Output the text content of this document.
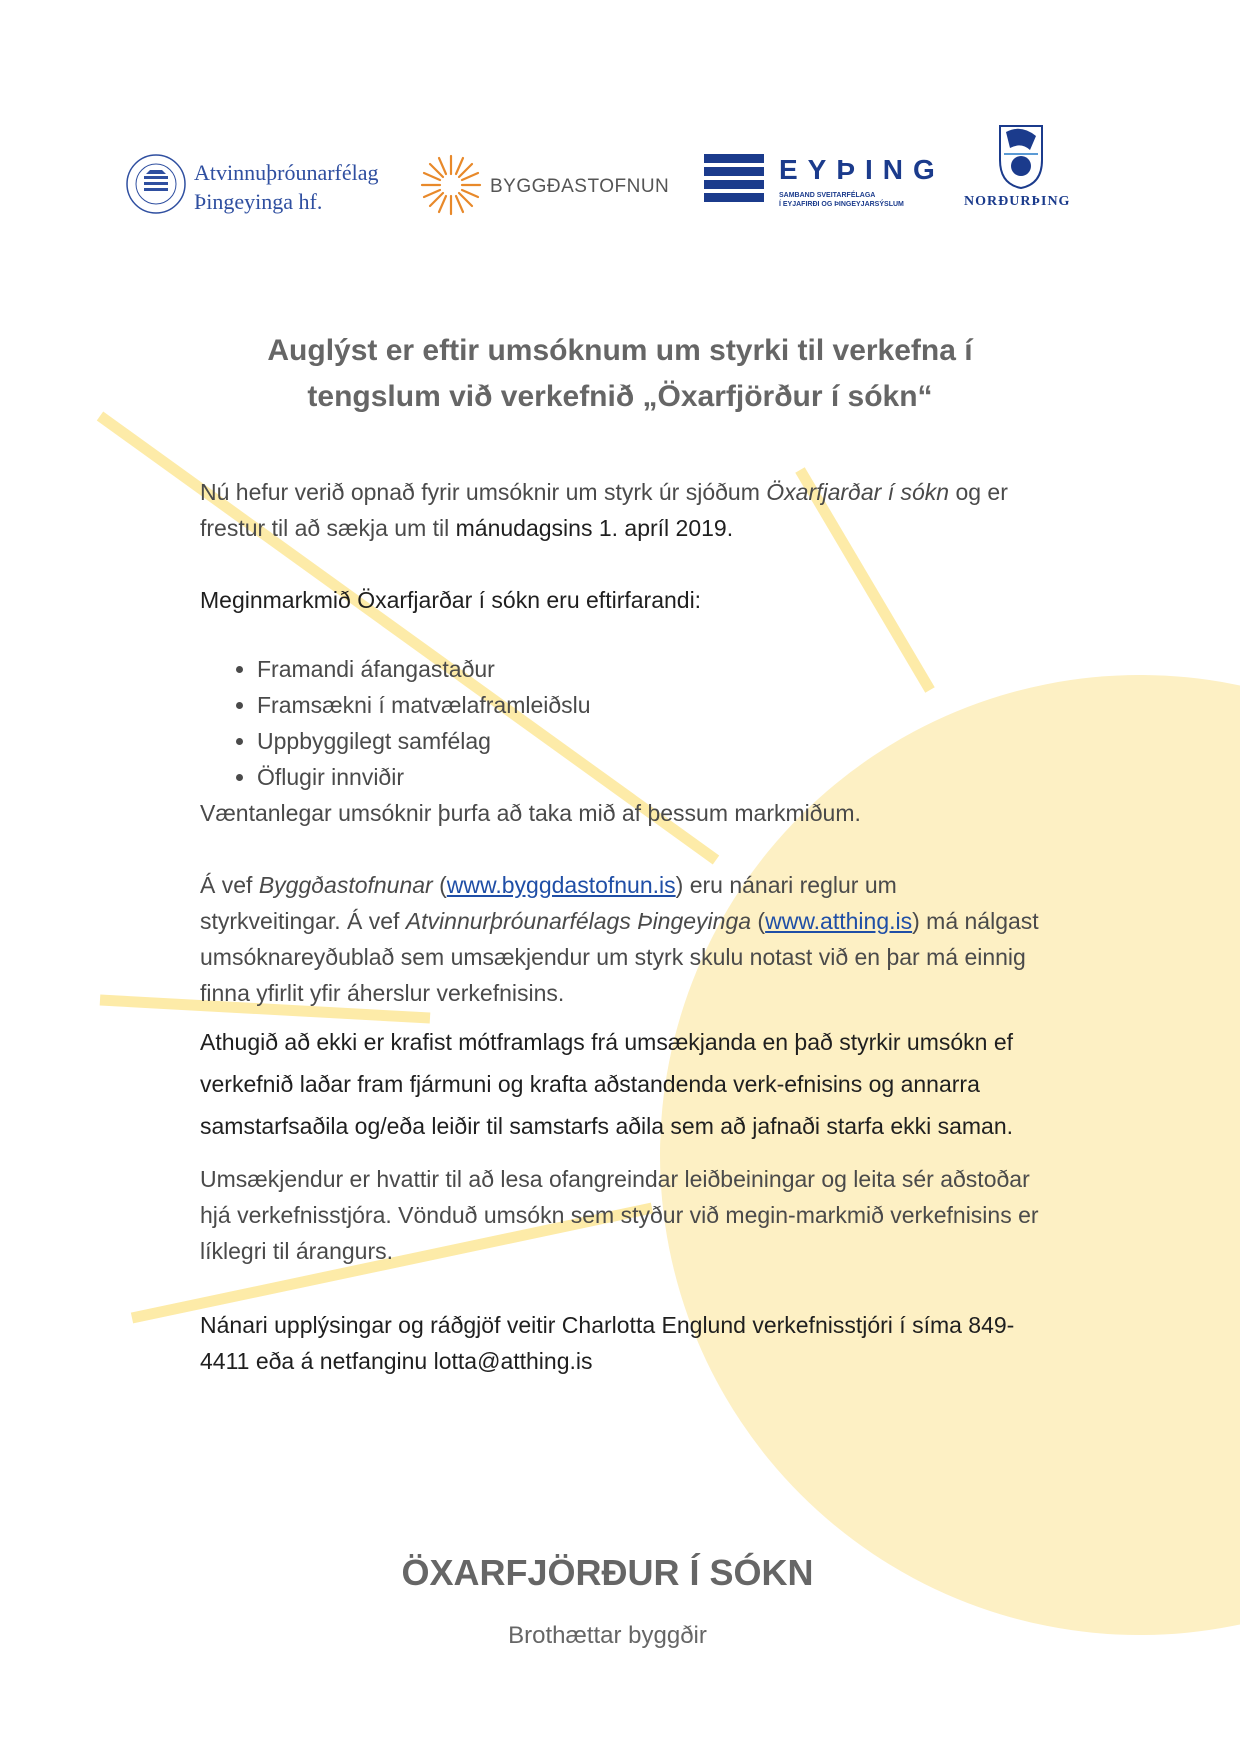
Atvinnuþróunarfélag
Þingeyinga hf.
BYGGÐASTOFNUN
EYÞING
SAMBAND SVEITARFÉLAGA
Í EYJAFIRÐI OG ÞINGEYJARSÝSLUM	NORÐURÞING
Auglýst er eftir umsóknum um styrki til verkefna í
tengslum við verkefnið „Öxarfjörður í sókn“

Nú hefur verið opnað fyrir umsóknir um styrk úr sjóðum Öxarfjarðar í sókn og er frestur til að sækja um til mánudagsins 1. apríl 2019.

Meginmarkmið Öxarfjarðar í sókn eru eftirfarandi:

• Framandi áfangastaður
• Framsækni í matvælaframleiðslu
• Uppbyggilegt samfélag
• Öflugir innviðir

Væntanlegar umsóknir þurfa að taka mið af þessum markmiðum.

Á vef Byggðastofnunar (www.byggdastofnun.is) eru nánari reglur um styrkveitingar. Á vef Atvinnurþróunarfélags Þingeyinga (www.atthing.is) má nálgast umsóknareyðublað sem umsækjendur um styrk skulu notast við en þar má einnig finna yfirlit yfir áherslur verkefnisins.

Athugið að ekki er krafist mótframlags frá umsækjanda en það styrkir umsókn ef verkefnið laðar fram fjármuni og krafta aðstandenda verk-efnisins og annarra samstarfsaðila og/eða leiðir til samstarfs aðila sem að jafnaði starfa ekki saman.

Umsækjendur er hvattir til að lesa ofangreindar leiðbeiningar og leita sér aðstoðar hjá verkefnisstjóra. Vönduð umsókn sem styður við megin-markmið verkefnisins er líklegri til árangurs.

Nánari upplýsingar og ráðgjöf veitir Charlotta Englund verkefnisstjóri í síma 849-4411 eða á netfanginu lotta@atthing.is

ÖXARFJÖRÐUR Í SÓKN

Brothættar byggðir
